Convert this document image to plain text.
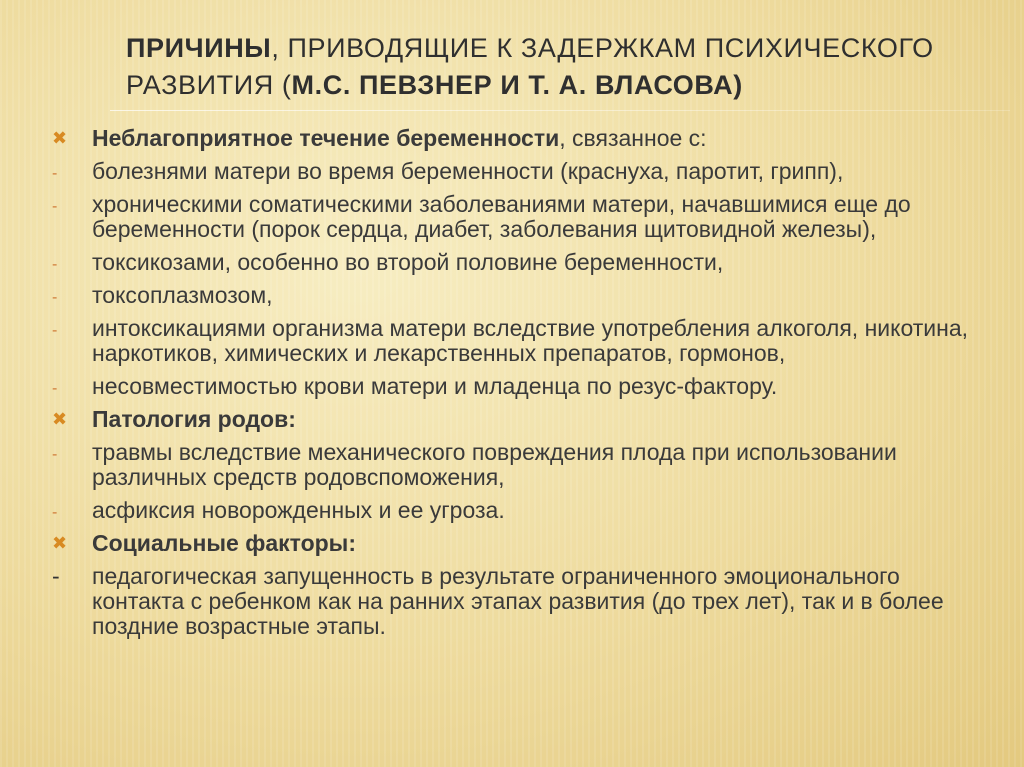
ПРИЧИНЫ, ПРИВОДЯЩИЕ К ЗАДЕРЖКАМ ПСИХИЧЕСКОГО РАЗВИТИЯ (М.С. ПЕВЗНЕР И Т. А. ВЛАСОВА)
✖	Неблагоприятное течение беременности, связанное с:
-	болезнями матери во время беременности (краснуха, паротит, грипп),
-	хроническими соматическими заболеваниями матери, начавшимися еще до беременности (порок сердца, диабет, заболевания щитовидной железы),
-	токсикозами, особенно во второй половине беременности,
-	токсоплазмозом,
-	интоксикациями организма матери вследствие употребления алкоголя, никотина, наркотиков, химических и лекарственных препаратов, гормонов,
-	несовместимостью крови матери и младенца по резус-фактору.
✖	Патология родов:
-	травмы вследствие механического повреждения плода при использовании различных средств родовспоможения,
-	асфиксия новорожденных и ее угроза.
✖	Социальные факторы:
-	педагогическая запущенность в результате ограниченного эмоционального контакта с ребенком как на ранних этапах развития (до трех лет), так и в более поздние возрастные этапы.
